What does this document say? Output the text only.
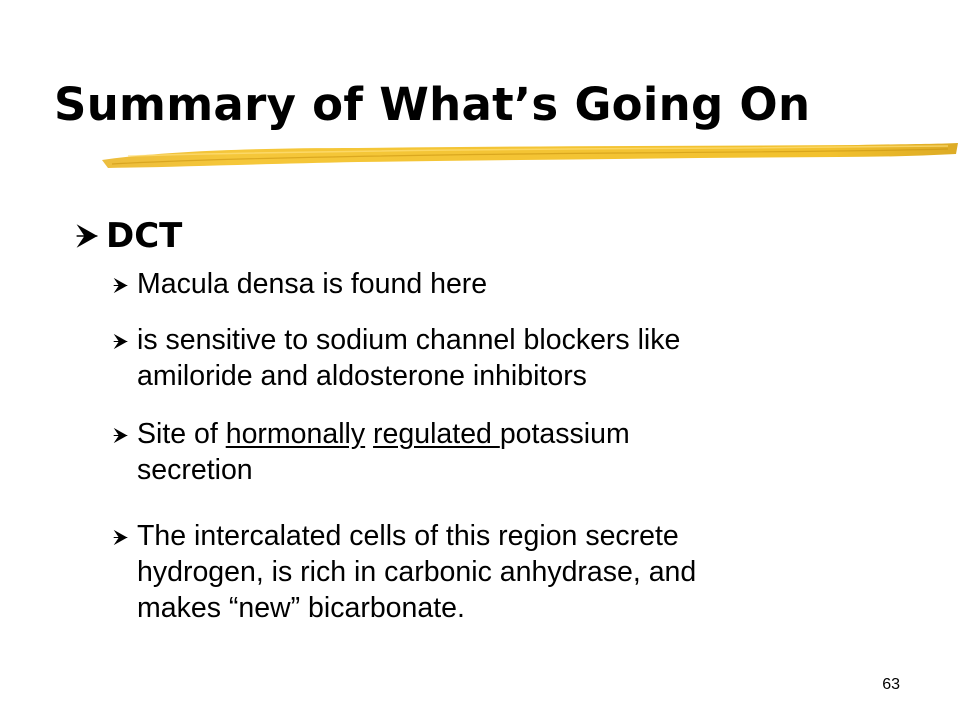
Summary of What’s Going On
DCT
Macula densa is found here
is sensitive to sodium channel blockers like
amiloride and aldosterone inhibitors
Site of hormonally regulated potassium
secretion
The intercalated cells of this region secrete
hydrogen, is rich in carbonic anhydrase, and
makes “new” bicarbonate.
63
